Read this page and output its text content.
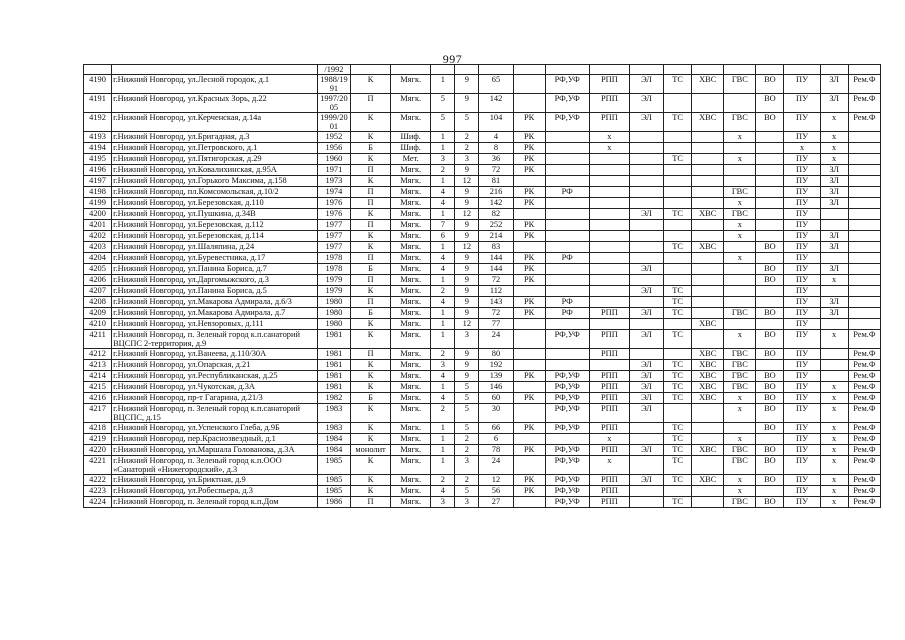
997
		/1992																
4190	г.Нижний Новгород, ул.Лесной городок, д.1	1988/19 91	К	Мягк.	1	9	65		РФ,УФ	РПП	ЭЛ	ТС	ХВС	ГВС	ВО	ПУ	ЗЛ	Рем.Ф
4191	г.Нижний Новгород, ул.Красных Зорь, д.22	1997/20 05	П	Мягк.	5	9	142		РФ,УФ	РПП	ЭЛ				ВО	ПУ	ЗЛ	Рем.Ф
4192	г.Нижний Новгород, ул.Керченская, д.14а	1999/20 01	К	Мягк.	5	5	104	РК	РФ,УФ	РПП	ЭЛ	ТС	ХВС	ГВС	ВО	ПУ	х	Рем.Ф
4193	г.Нижний Новгород, ул.Бригадная, д.3	1952	К	Шиф.	1	2	4	РК		х				х		ПУ	х	
4194	г.Нижний Новгород, ул.Петровского, д.1	1956	Б	Шиф.	1	2	8	РК		х						х	х	
4195	г.Нижний Новгород, ул.Пятигорская, д.29	1960	К	Мет.	3	3	36	РК				ТС		х		ПУ	х	
4196	г.Нижний Новгород, ул.Ковалихинская, д.95А	1971	П	Мягк.	2	9	72	РК								ПУ	ЗЛ	
4197	г.Нижний Новгород, ул.Горького Максима, д.158	1973	К	Мягк.	1	12	81									ПУ	ЗЛ	
4198	г.Нижний Новгород, пл.Комсомольская, д.10/2	1974	П	Мягк.	4	9	216	РК	РФ					ГВС		ПУ	ЗЛ	
4199	г.Нижний Новгород, ул.Березовская, д.110	1976	П	Мягк.	4	9	142	РК						х		ПУ	ЗЛ	
4200	г.Нижний Новгород, ул.Пушкина, д.34В	1976	К	Мягк.	1	12	82				ЭЛ	ТС	ХВС	ГВС		ПУ		
4201	г.Нижний Новгород, ул.Березовская, д.112	1977	П	Мягк.	7	9	252	РК						х		ПУ		
4202	г.Нижний Новгород, ул.Березовская, д.114	1977	К	Мягк.	6	9	214	РК						х		ПУ	ЗЛ	
4203	г.Нижний Новгород, ул.Шаляпина, д.24	1977	К	Мягк.	1	12	83					ТС	ХВС		ВО	ПУ	ЗЛ	
4204	г.Нижний Новгород, ул.Буревестника, д.17	1978	П	Мягк.	4	9	144	РК	РФ					х		ПУ		
4205	г.Нижний Новгород, ул.Панина Бориса, д.7	1978	Б	Мягк.	4	9	144	РК			ЭЛ				ВО	ПУ	ЗЛ	
4206	г.Нижний Новгород, ул.Даргомыжского, д.3	1979	П	Мягк.	1	9	72	РК							ВО	ПУ	х	
4207	г.Нижний Новгород, ул.Панина Бориса, д.5	1979	К	Мягк.	2	9	112				ЭЛ	ТС				ПУ		
4208	г.Нижний Новгород, ул.Макарова Адмирала, д.6/3	1980	П	Мягк.	4	9	143	РК	РФ			ТС				ПУ	ЗЛ	
4209	г.Нижний Новгород, ул.Макарова Адмирала, д.7	1980	Б	Мягк.	1	9	72	РК	РФ	РПП	ЭЛ	ТС		ГВС	ВО	ПУ	ЗЛ	
4210	г.Нижний Новгород, ул.Невзоровых, д.111	1980	К	Мягк.	1	12	77						ХВС			ПУ		
4211	г.Нижний Новгород, п. Зеленый город к.п.санаторий ВЦСПС 2-территория, д.9	1981	К	Мягк.	1	3	24		РФ,УФ	РПП	ЭЛ	ТС		х	ВО	ПУ	х	Рем.Ф
4212	г.Нижний Новгород, ул.Ванеева, д.110/30А	1981	П	Мягк.	2	9	80			РПП			ХВС	ГВС	ВО	ПУ		Рем.Ф
4213	г.Нижний Новгород, ул.Опарская, д.21	1981	К	Мягк.	3	9	192				ЭЛ	ТС	ХВС	ГВС		ПУ		Рем.Ф
4214	г.Нижний Новгород, ул.Республиканская, д.25	1981	К	Мягк.	4	9	139	РК	РФ,УФ	РПП	ЭЛ	ТС	ХВС	ГВС	ВО	ПУ		Рем.Ф
4215	г.Нижний Новгород, ул.Чукотская, д.3А	1981	К	Мягк.	1	5	146		РФ,УФ	РПП	ЭЛ	ТС	ХВС	ГВС	ВО	ПУ	х	Рем.Ф
4216	г.Нижний Новгород, пр-т Гагарина, д.21/3	1982	Б	Мягк.	4	5	60	РК	РФ,УФ	РПП	ЭЛ	ТС	ХВС	х	ВО	ПУ	х	Рем.Ф
4217	г.Нижний Новгород, п. Зеленый город к.п.санаторий ВЦСПС, д.15	1983	К	Мягк.	2	5	30		РФ,УФ	РПП	ЭЛ			х	ВО	ПУ	х	Рем.Ф
4218	г.Нижний Новгород, ул.Успенского Глеба, д.9Б	1983	К	Мягк.	1	5	66	РК	РФ,УФ	РПП		ТС			ВО	ПУ	х	Рем.Ф
4219	г.Нижний Новгород, пер.Краснозвездный, д.1	1984	К	Мягк.	1	2	6			х		ТС		х		ПУ	х	Рем.Ф
4220	г.Нижний Новгород, ул.Маршала Голованова, д.3А	1984	монолит	Мягк.	1	2	78	РК	РФ,УФ	РПП	ЭЛ	ТС	ХВС	ГВС	ВО	ПУ	х	Рем.Ф
4221	г.Нижний Новгород, п. Зеленый город к.п.ООО «Санаторий «Нижегородский», д.3	1985	К	Мягк.	1	3	24		РФ,УФ	х		ТС		ГВС	ВО	ПУ	х	Рем.Ф
4222	г.Нижний Новгород, ул.Бриктная, д.9	1985	К	Мягк.	2	2	12	РК	РФ,УФ	РПП	ЭЛ	ТС	ХВС	х	ВО	ПУ	х	Рем.Ф
4223	г.Нижний Новгород, ул.Робеспьера, д.3	1985	К	Мягк.	4	5	56	РК	РФ,УФ	РПП				х		ПУ	х	Рем.Ф
4224	г.Нижний Новгород, п. Зеленый город к.п.Дом	1986	П	Мягк.	3	3	27		РФ,УФ	РПП		ТС		ГВС	ВО	ПУ	х	Рем.Ф
